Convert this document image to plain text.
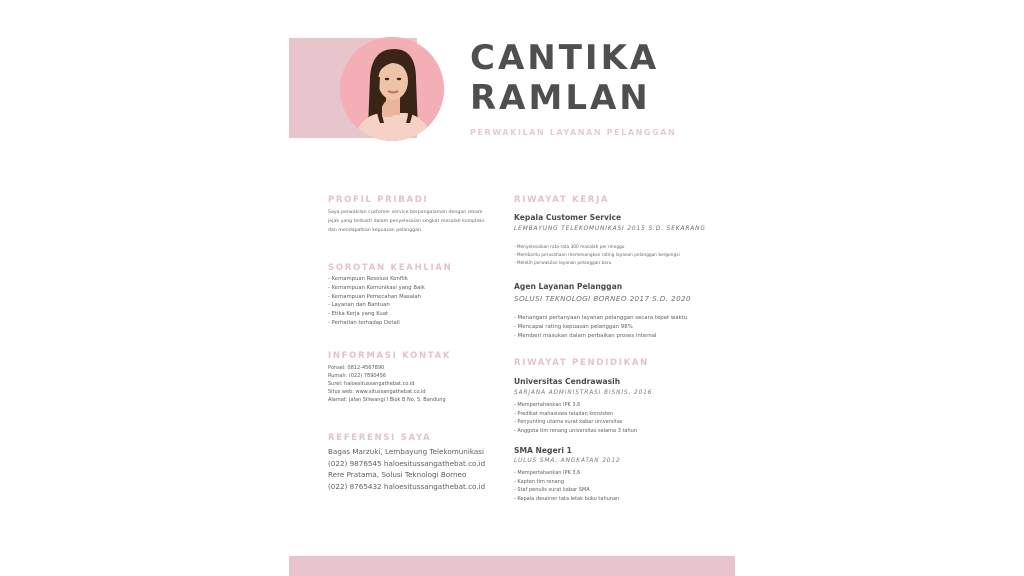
CANTIKA
RAMLAN
PERWAKILAN LAYANAN PELANGGAN
PROFIL PRIBADI
Saya perwakilan customer service berpengalaman dengan rekam jejak yang terbukti dalam penyelesaian singkat masalah kompleks dan mendapatkan kepuasan pelanggan.
SOROTAN KEAHLIAN
- Kemampuan Resolusi Konflik
- Kemampuan Komunikasi yang Baik
- Kemampuan Pemecahan Masalah
- Layanan dan Bantuan
- Etika Kerja yang Kuat
- Perhatian terhadap Detail
INFORMASI KONTAK
Ponsel: 0812-4567890
Rumah: (022) 7890456
Surel: haloesitussangathebat.co.id
Situs web: www.situssangathebat.co.id
Alamat: Jalan Siliwangi I Blok B No. 5, Bandung
REFERENSI SAYA
Bagas Marzuki, Lembayung Telekomunikasi
(022) 9876545 haloesitussangathebat.co.id
Rere Pratama, Solusi Teknologi Borneo
(022) 8765432 haloesitussangathebat.co.id
RIWAYAT KERJA
Kepala Customer Service
LEMBAYUNG TELEKOMUNIKASI 2015 S.D. SEKARANG
- Menyelesaikan rata-rata 300 masalah per minggu
- Membantu perusahaan memenangkan rating layanan pelanggan bergengsi
- Melatih perwakilan layanan pelanggan baru
Agen Layanan Pelanggan
SOLUSI TEKNOLOGI BORNEO 2017 S.D. 2020
- Menangani pertanyaan layanan pelanggan secara tepat waktu
- Mencapai rating kepuasan pelanggan 98%
- Memberi masukan dalam perbaikan proses internal
RIWAYAT PENDIDIKAN
Universitas Cendrawasih
SARJANA ADMINISTRASI BISNIS, 2016
- Mempertahankan IPK 3,6
- Predikat mahasiswa teladan konsisten
- Penyunting utama surat kabar universitas
- Anggota tim renang universitas selama 3 tahun
SMA Negeri 1
LULUS SMA, ANGKATAN 2012
- Mempertahankan IPK 3,6
- Kapten tim renang
- Staf penulis surat kabar SMA
- Kepala desainer tata letak buku tahunan
